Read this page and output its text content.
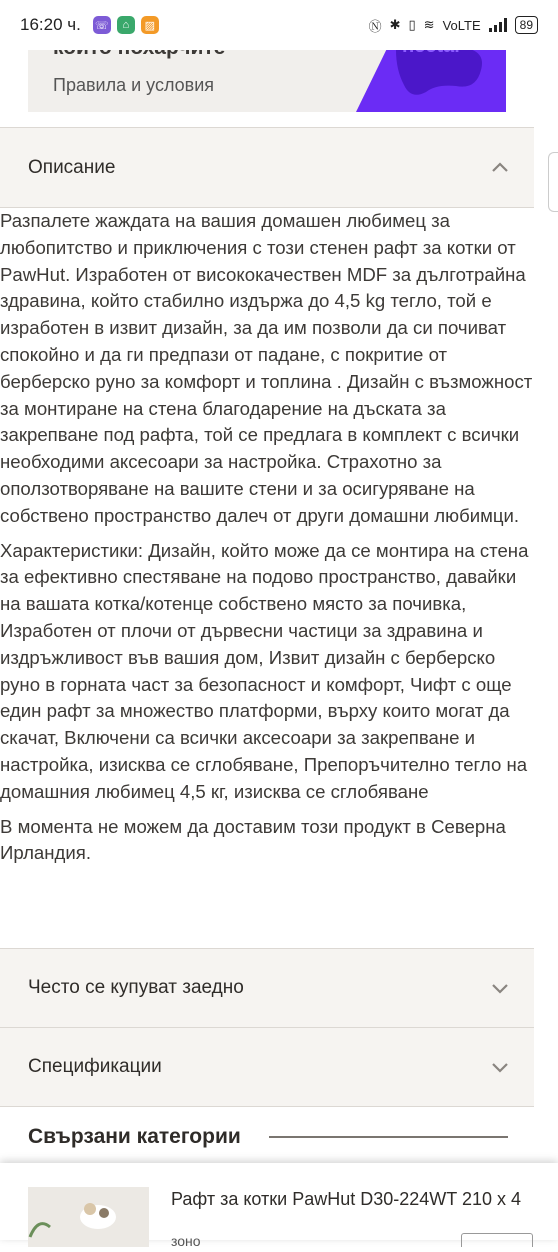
16:20 ч. ☏	⌂	▨	Ⓝ ✱ ▯ ≋ VoLTE	89
Правила и условия
Описание

Разпалете жаждата на вашия домашен любимец за любопитство и приключения с този стенен рафт за котки от PawHut. Изработен от висококачествен MDF за дълготрайна здравина, който стабилно издържа до 4,5 kg тегло, той е изработен в извит дизайн, за да им позволи да си почиват спокойно и да ги предпази от падане, с покритие от берберско руно за комфорт и топлина . Дизайн с възможност за монтиране на стена благодарение на дъската за закрепване под рафта, той се предлага в комплект с всички необходими аксесоари за настройка. Страхотно за оползотворяване на вашите стени и за осигуряване на собствено пространство далеч от други домашни любимци.

Характеристики: Дизайн, който може да се монтира на стена за ефективно спестяване на подово пространство, давайки на вашата котка/котенце собствено място за почивка, Изработен от плочи от дървесни частици за здравина и издръжливост във вашия дом, Извит дизайн с берберско руно в горната част за безопасност и комфорт, Чифт с още един рафт за множество платформи, върху които могат да скачат, Включени са всички аксесоари за закрепване и настройка, изисква се сглобяване, Препоръчително тегло на домашния любимец 4,5 кг, изисква се сглобяване

В момента не можем да доставим този продукт в Северна Ирландия.

Често се купуват заедно
Спецификации
Свързани категории
Рафт за котки PawHut D30-224WT 210 x 4
зоно
